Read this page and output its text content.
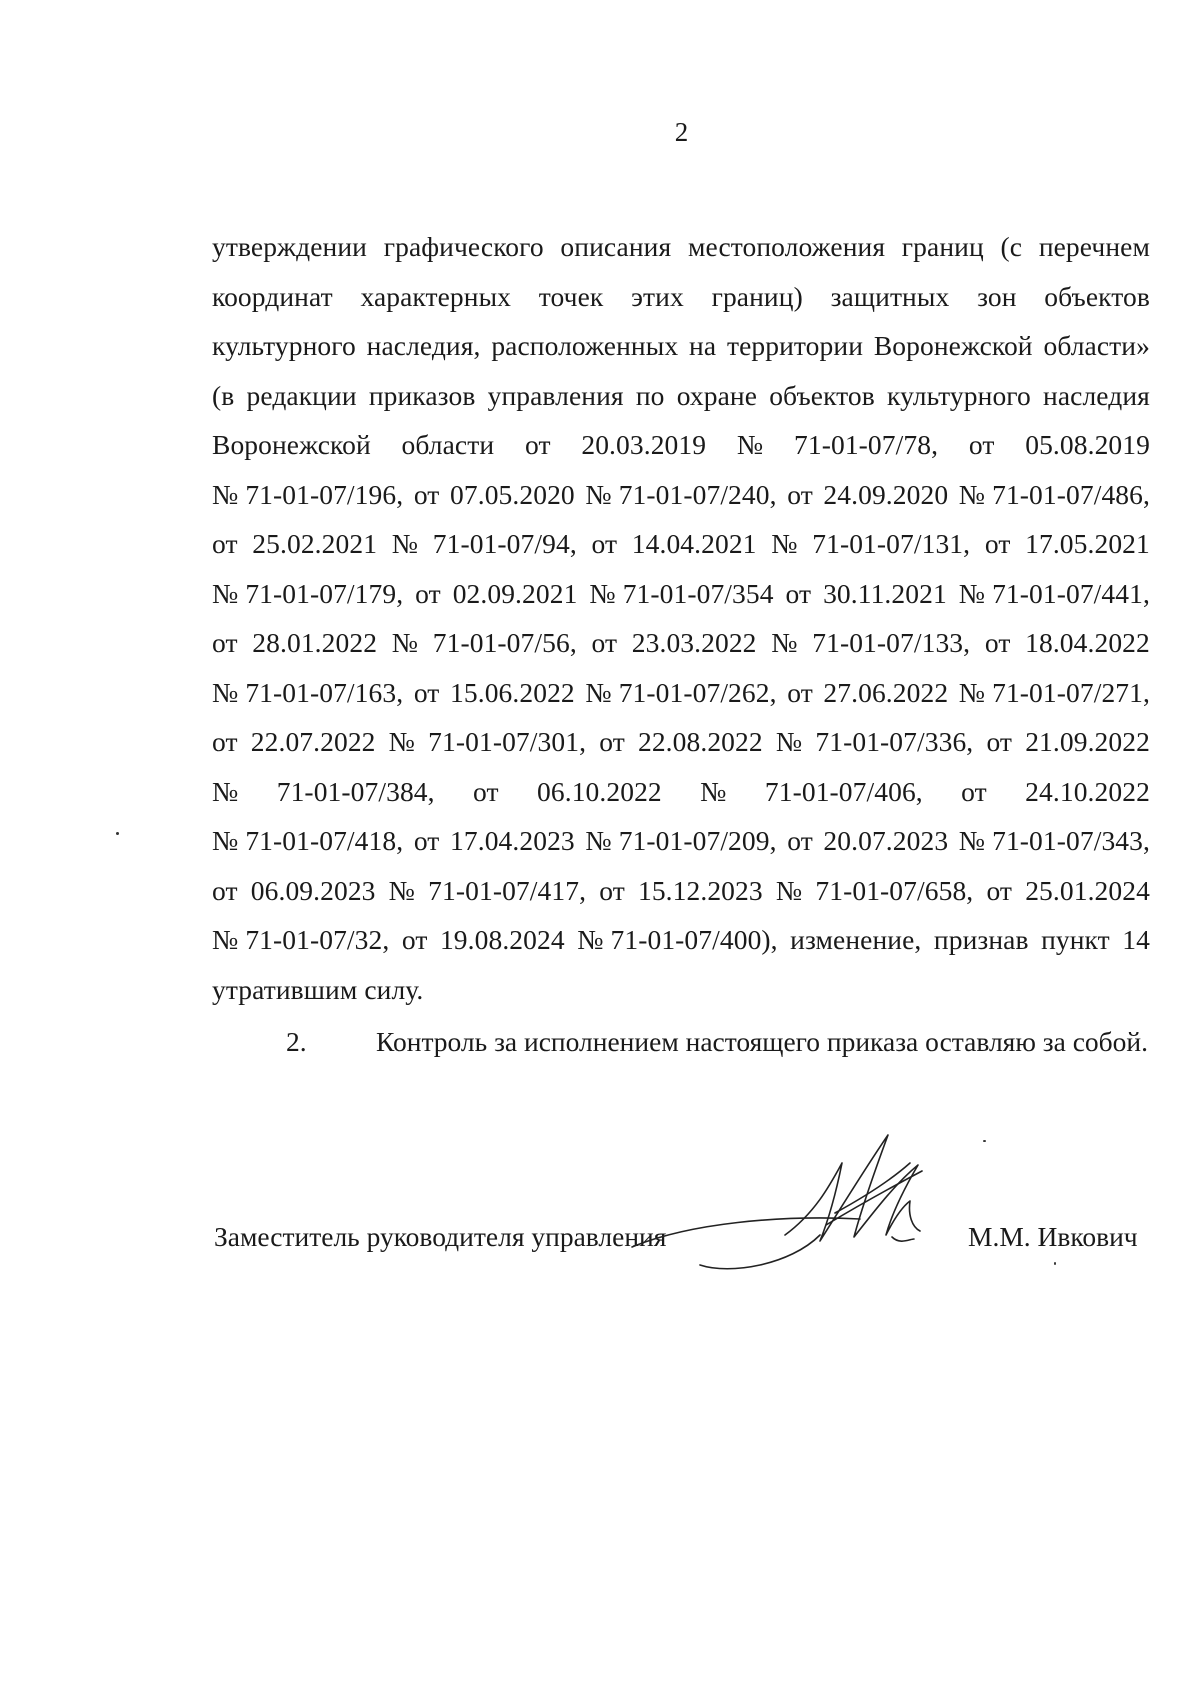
2
утверждении графического описания местоположения границ (с перечнем
координат характерных точек этих границ) защитных зон объектов
культурного наследия, расположенных на территории Воронежской области»
(в редакции приказов управления по охране объектов культурного наследия
Воронежской области от 20.03.2019 № 71-01-07/78, от 05.08.2019
№ 71-01-07/196, от 07.05.2020 № 71-01-07/240, от 24.09.2020 № 71-01-07/486,
от 25.02.2021 № 71-01-07/94, от 14.04.2021 № 71-01-07/131, от 17.05.2021
№ 71-01-07/179, от 02.09.2021 № 71-01-07/354 от 30.11.2021 № 71-01-07/441,
от 28.01.2022 № 71-01-07/56, от 23.03.2022 № 71-01-07/133, от 18.04.2022
№ 71-01-07/163, от 15.06.2022 № 71-01-07/262, от 27.06.2022 № 71-01-07/271,
от 22.07.2022 № 71-01-07/301, от 22.08.2022 № 71-01-07/336, от 21.09.2022
№ 71-01-07/384, от 06.10.2022 № 71-01-07/406, от 24.10.2022
№ 71-01-07/418, от 17.04.2023 № 71-01-07/209, от 20.07.2023 № 71-01-07/343,
от 06.09.2023 № 71-01-07/417, от 15.12.2023 № 71-01-07/658, от 25.01.2024
№ 71-01-07/32, от 19.08.2024 № 71-01-07/400), изменение, признав пункт 14
утратившим силу.
2.	Контроль за исполнением настоящего приказа оставляю за собой.
Заместитель руководителя управления	М.М. Ивкович
